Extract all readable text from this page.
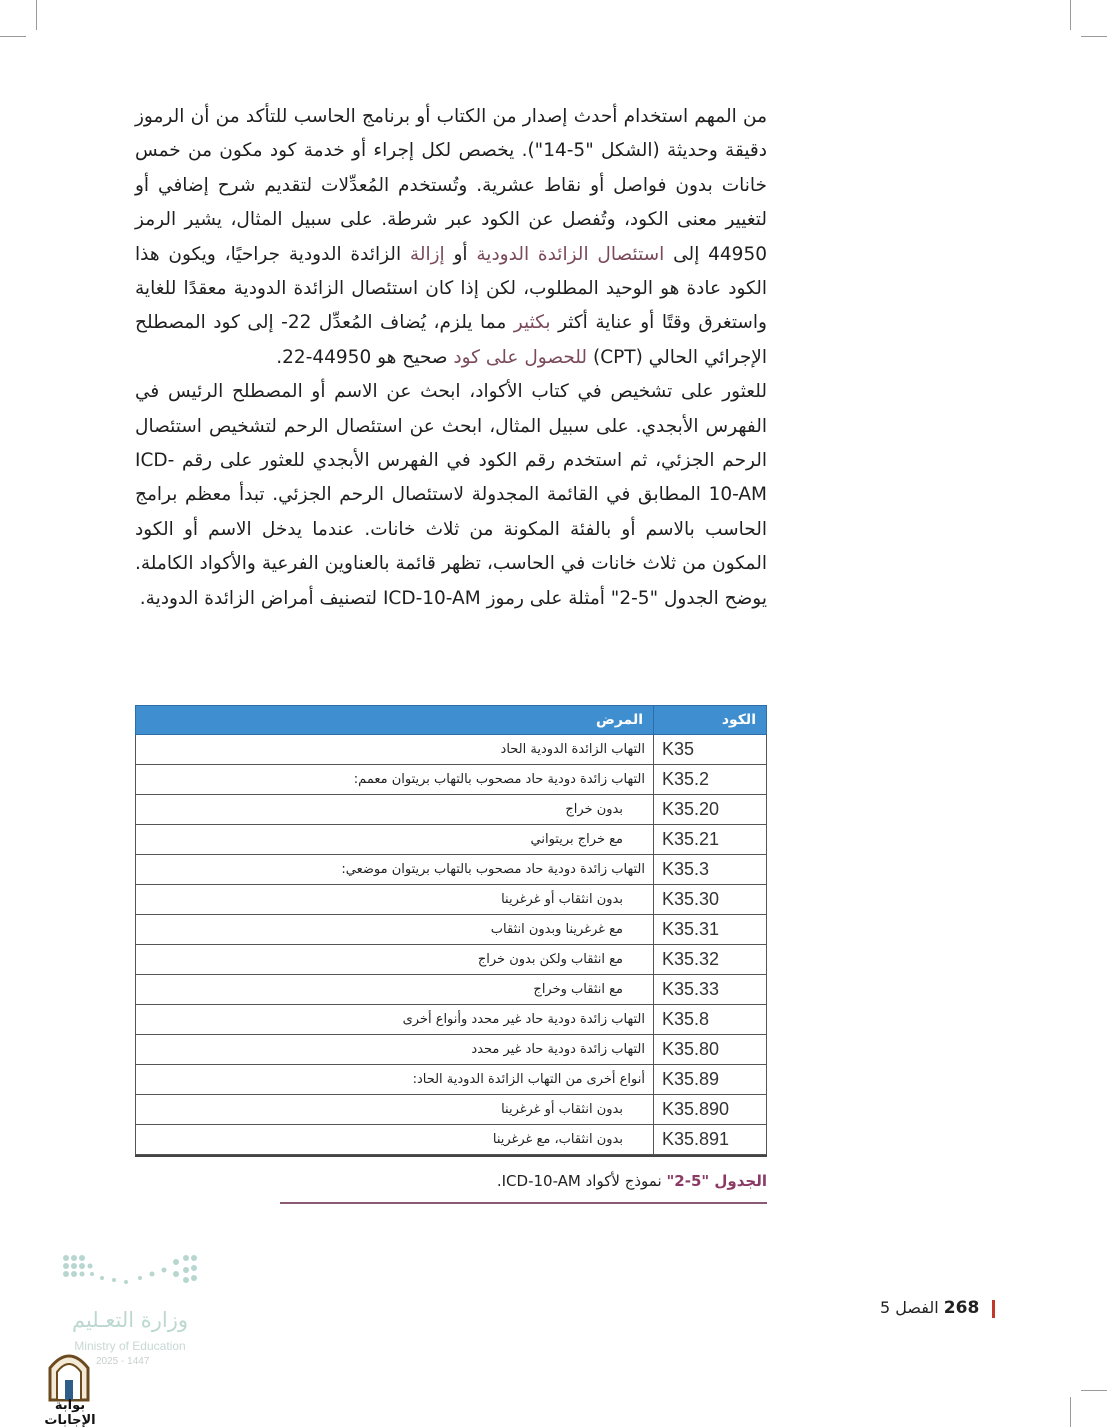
من المهم استخدام أحدث إصدار من الكتاب أو برنامج الحاسب للتأكد من أن الرموز دقيقة وحديثة (الشكل "5-14"). يخصص لكل إجراء أو خدمة كود مكون من خمس خانات بدون فواصل أو نقاط عشرية. وتُستخدم المُعدِّلات لتقديم شرح إضافي أو لتغيير معنى الكود، وتُفصل عن الكود عبر شرطة. على سبيل المثال، يشير الرمز 44950 إلى استئصال الزائدة الدودية أو إزالة الزائدة الدودية جراحيًا، ويكون هذا الكود عادة هو الوحيد المطلوب، لكن إذا كان استئصال الزائدة الدودية معقدًا للغاية واستغرق وقتًا أو عناية أكثر بكثير مما يلزم، يُضاف المُعدِّل ‎-22‎ إلى كود المصطلح الإجرائي الحالي (CPT) للحصول على كود صحيح هو 44950-22.

للعثور على تشخيص في كتاب الأكواد، ابحث عن الاسم أو المصطلح الرئيس في الفهرس الأبجدي. على سبيل المثال، ابحث عن استئصال الرحم لتشخيص استئصال الرحم الجزئي، ثم استخدم رقم الكود في الفهرس الأبجدي للعثور على رقم ICD-10-AM المطابق في القائمة المجدولة لاستئصال الرحم الجزئي. تبدأ معظم برامج الحاسب بالاسم أو بالفئة المكونة من ثلاث خانات. عندما يدخل الاسم أو الكود المكون من ثلاث خانات في الحاسب، تظهر قائمة بالعناوين الفرعية والأكواد الكاملة. يوضح الجدول "5-2" أمثلة على رموز ICD-10-AM لتصنيف أمراض الزائدة الدودية.

الكود	المرض
K35	التهاب الزائدة الدودية الحاد
K35.2	التهاب زائدة دودية حاد مصحوب بالتهاب بريتوان معمم:
K35.20	بدون خراج
K35.21	مع خراج بريتواني
K35.3	التهاب زائدة دودية حاد مصحوب بالتهاب بريتوان موضعي:
K35.30	بدون انثقاب أو غرغرينا
K35.31	مع غرغرينا وبدون انثقاب
K35.32	مع انثقاب ولكن بدون خراج
K35.33	مع انثقاب وخراج
K35.8	التهاب زائدة دودية حاد غير محدد وأنواع أخرى
K35.80	التهاب زائدة دودية حاد غير محدد
K35.89	أنواع أخرى من التهاب الزائدة الدودية الحاد:
K35.890	بدون انثقاب أو غرغرينا
K35.891	بدون انثقاب، مع غرغرينا
الجدول "5-2" نموذج لأكواد ICD-10-AM.
268 الفصل 5
وزارة التعـليم
Ministry of Education
2025 - 1447
بوابة الإجابات
